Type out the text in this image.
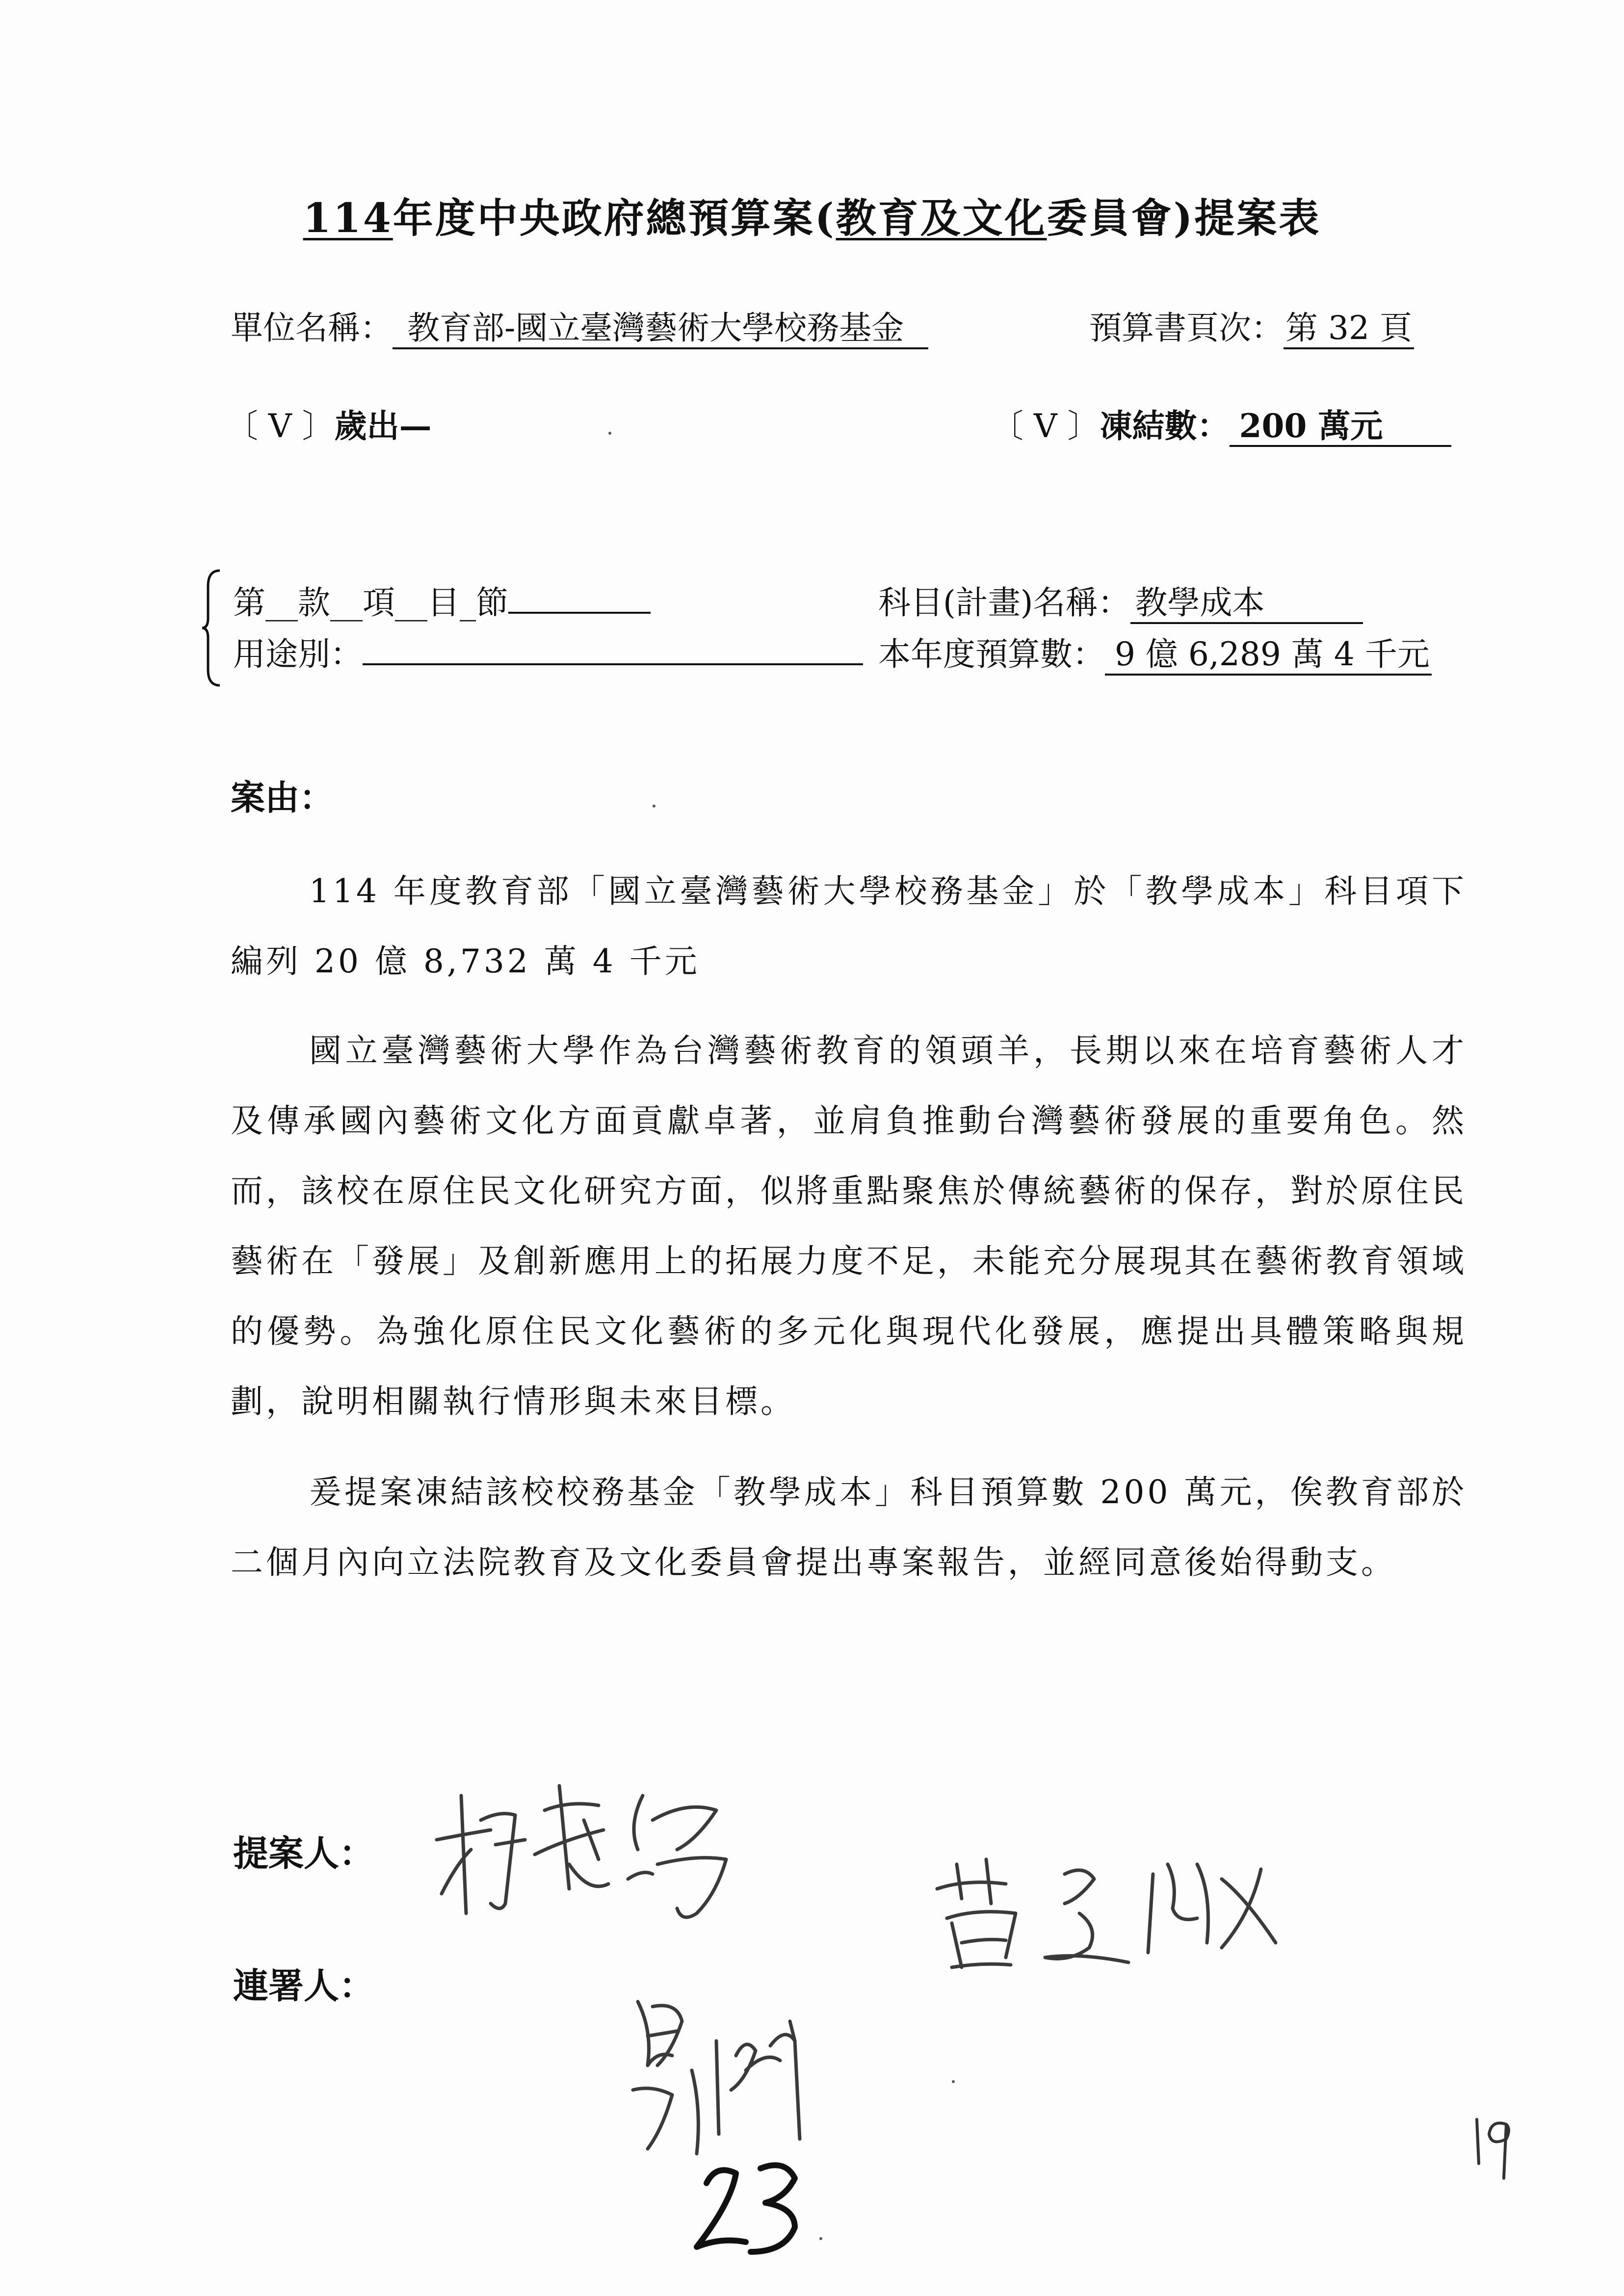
114年度中央政府總預算案(教育及文化委員會)提案表
單位名稱： 教育部-國立臺灣藝術大學校務基金	預算書頁次：第 32 頁
〔 V 〕歲出—	〔 V 〕凍結數： 200 萬元
第__款__項__目_節	科目(計畫)名稱： 教學成本
用途別：	本年度預算數： 9 億 6,289 萬 4 千元
案由：
114 年度教育部「國立臺灣藝術大學校務基金」於「教學成本」科目項下編列 20 億 8,732 萬 4 千元
國立臺灣藝術大學作為台灣藝術教育的領頭羊，長期以來在培育藝術人才及傳承國內藝術文化方面貢獻卓著，並肩負推動台灣藝術發展的重要角色。然而，該校在原住民文化研究方面，似將重點聚焦於傳統藝術的保存，對於原住民藝術在「發展」及創新應用上的拓展力度不足，未能充分展現其在藝術教育領域的優勢。為強化原住民文化藝術的多元化與現代化發展，應提出具體策略與規劃，說明相關執行情形與未來目標。
爰提案凍結該校校務基金「教學成本」科目預算數 200 萬元，俟教育部於二個月內向立法院教育及文化委員會提出專案報告，並經同意後始得動支。
提案人：
連署人：
